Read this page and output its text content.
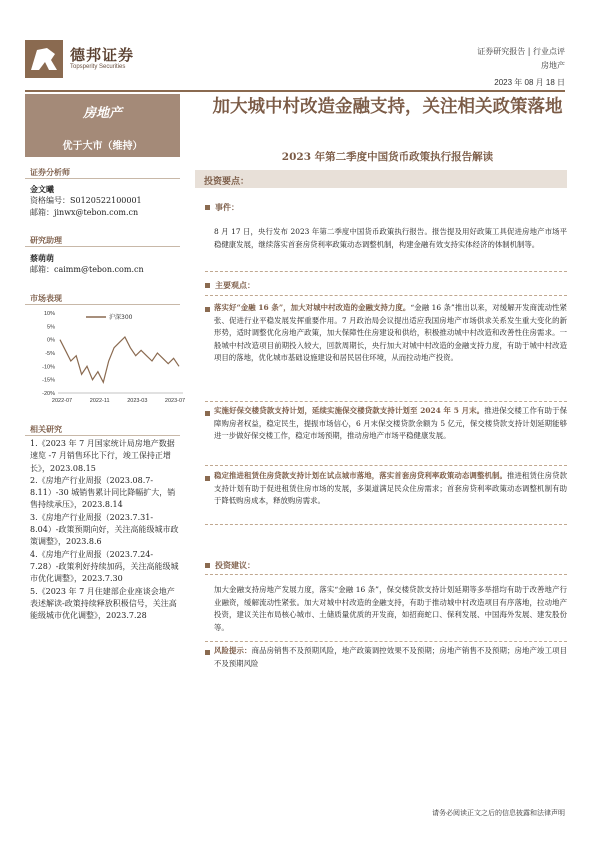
德邦证券
Topsperity Securities
证券研究报告 | 行业点评
房地产
2023 年 08 月 18 日
房地产
优于大市（维持）
证券分析师
金文曦
资格编号：S0120522100001
邮箱：jinwx@tebon.com.cn
研究助理
蔡萌萌
邮箱：caimm@tebon.com.cn
市场表现
10%
5%
0%
-5%
-10%
-15%
-20%
2022-07	2022-11	2023-03	2023-07
沪深300
相关研究
1.《2023 年 7 月国家统计局房地产数据速览 -7 月销售环比下行，竣工保持正增长》，2023.08.15
2.《房地产行业周报（2023.08.7-8.11）-30 城销售累计同比降幅扩大，销售持续承压》，2023.8.14
3.《房地产行业周报（2023.7.31-8.04）-政策预期向好，关注高能级城市政策调整》，2023.8.6
4.《房地产行业周报（2023.7.24-7.28）-政策利好持续加码，关注高能级城市优化调整》，2023.7.30
5.《2023 年 7 月住建部企业座谈会地产表述解读-政策持续释放积极信号，关注高能级城市优化调整》，2023.7.28
加大城中村改造金融支持，关注相关政策落地
2023 年第二季度中国货币政策执行报告解读
投资要点：
事件：
8 月 17 日，央行发布 2023 年第二季度中国货币政策执行报告。报告提及用好政策工具促进房地产市场平稳健康发展，继续落实首套房贷利率政策动态调整机制，构建金融有效支持实体经济的体制机制等。
主要观点：
落实好“金融 16 条”，加大对城中村改造的金融支持力度。“金融 16 条”推出以来，对缓解开发商流动性紧张、促进行业平稳发展发挥重要作用。7 月政治局会议提出适应我国房地产市场供求关系发生重大变化的新形势，适时调整优化房地产政策，加大保障性住房建设和供给，积极推动城中村改造和改善性住房需求。一般城中村改造项目前期投入较大，回款周期长，央行加大对城中村改造的金融支持力度，有助于城中村改造项目的落地，优化城市基础设施建设和居民居住环境，从而拉动地产投资。
实施好保交楼贷款支持计划，延续实施保交楼贷款支持计划至 2024 年 5 月末。推进保交楼工作有助于保障购房者权益，稳定民生，提振市场信心，6 月末保交楼贷款余额为 5 亿元，保交楼贷款支持计划延期能够进一步做好保交楼工作，稳定市场预期，推动房地产市场平稳健康发展。
稳定推进租赁住房贷款支持计划在试点城市落地，落实首套房贷利率政策动态调整机制。推进租赁住房贷款支持计划有助于促进租赁住房市场的发展，多渠道满足民众住房需求；首套房贷利率政策动态调整机制有助于降低购房成本，释放购房需求。
投资建议：
加大金融支持房地产发展力度，落实“金融 16 条”，保交楼贷款支持计划延期等多举措均有助于改善地产行业融资，缓解流动性紧张。加大对城中村改造的金融支持，有助于推动城中村改造项目有序落地，拉动地产投资，建议关注布局核心城市、土储质量优质的开发商，如招商蛇口、保利发展、中国海外发展、建发股份等。
风险提示：商品房销售不及预期风险，地产政策调控效果不及预期；房地产销售不及预期；房地产竣工项目不及预期风险
请务必阅读正文之后的信息披露和法律声明
